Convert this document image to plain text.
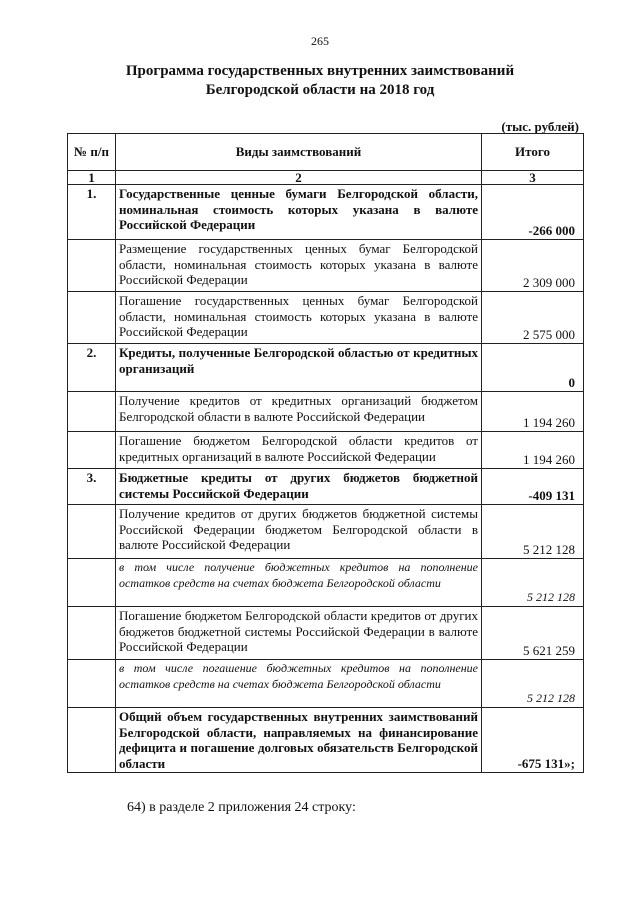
265
Программа государственных внутренних заимствований
Белгородской области на 2018 год
(тыс. рублей)
№ п/п	Виды заимствований	Итого
1	2	3
1.	Государственные ценные бумаги Белгородской области, номинальная стоимость которых указана в валюте Российской Федерации	-266 000
	Размещение государственных ценных бумаг Белгородской области, номинальная стоимость которых указана в валюте Российской Федерации	2 309 000
	Погашение государственных ценных бумаг Белгородской области, номинальная стоимость которых указана в валюте Российской Федерации	2 575 000
2.	Кредиты, полученные Белгородской областью от кредитных организаций	0
	Получение кредитов от кредитных организаций бюджетом Белгородской области в валюте Российской Федерации	1 194 260
	Погашение бюджетом Белгородской области кредитов от кредитных организаций в валюте Российской Федерации	1 194 260
3.	Бюджетные кредиты от других бюджетов бюджетной системы Российской Федерации	-409 131
	Получение кредитов от других бюджетов бюджетной системы Российской Федерации бюджетом Белгородской области в валюте Российской Федерации	5 212 128
	в том числе получение бюджетных кредитов на пополнение остатков средств на счетах бюджета Белгородской области	5 212 128
	Погашение бюджетом Белгородской области кредитов от других бюджетов бюджетной системы Российской Федерации в валюте Российской Федерации	5 621 259
	в том числе погашение бюджетных кредитов на пополнение остатков средств на счетах бюджета Белгородской области	5 212 128
	Общий объем государственных внутренних заимствований Белгородской области, направляемых на финансирование дефицита и погашение долговых обязательств Белгородской области	-675 131»;
64) в разделе 2 приложения 24 строку:
